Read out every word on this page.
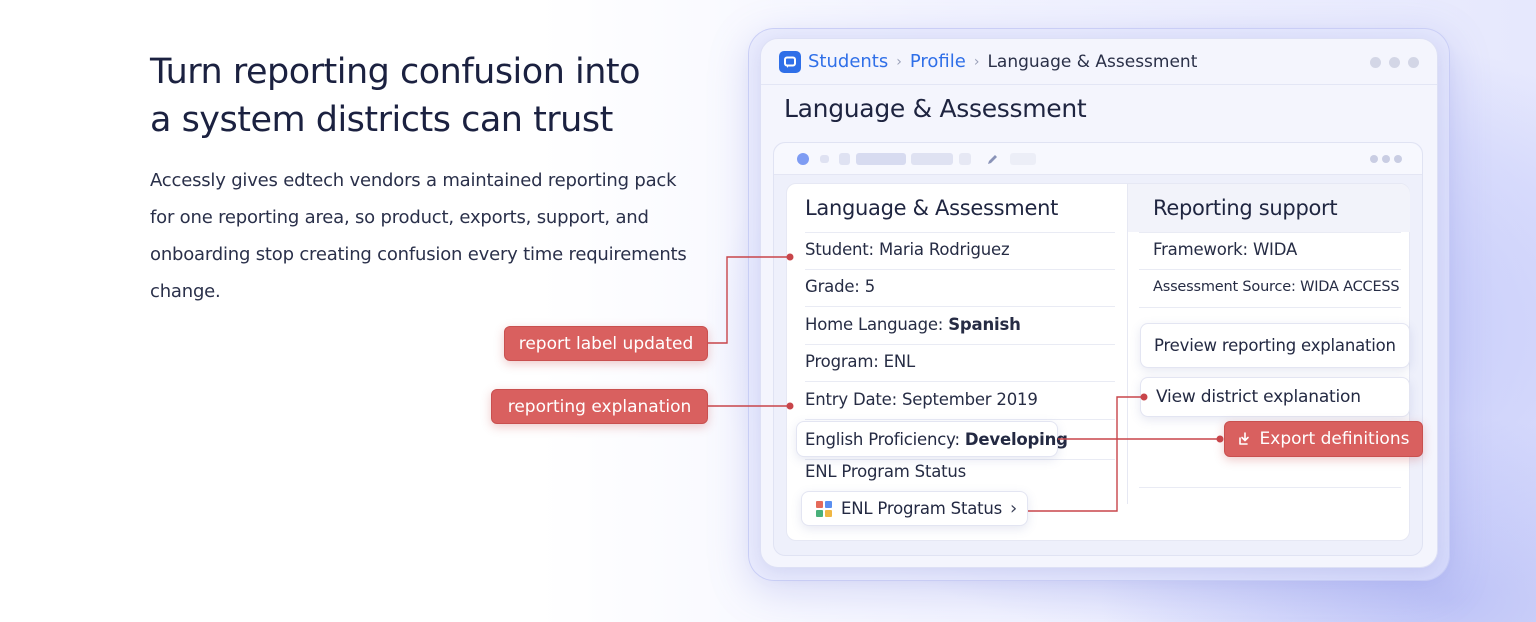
Turn reporting confusion into
a system districts can trust

Accessly gives edtech vendors a maintained reporting pack
for one reporting area, so product, exports, support, and
onboarding stop creating confusion every time requirements
change.

Students › Profile › Language & Assessment
Language & Assessment
Language & Assessment
Student: Maria Rodriguez
Grade: 5
Home Language: Spanish
Program: ENL
Entry Date: September 2019
ENL Program Status
Reporting support
Framework: WIDA
Assessment Source: WIDA ACCESS
English Proficiency: Developing
ENL Program Status ›
Preview reporting explanation
View district explanation
report label updated
reporting explanation
Export definitions
